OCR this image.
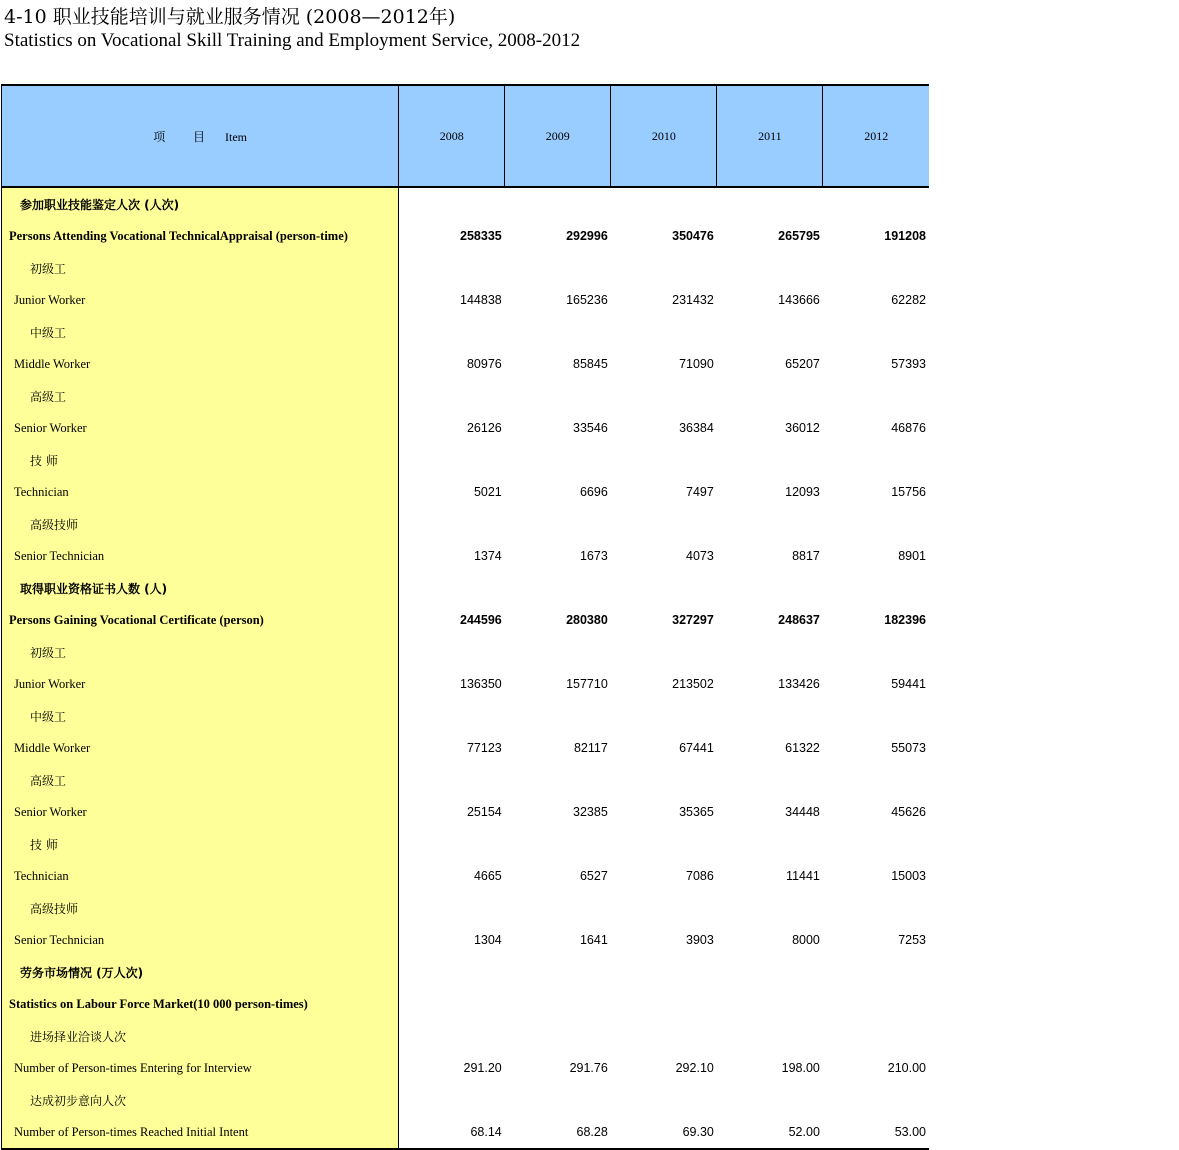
4-10 职业技能培训与就业服务情况 (2008—2012年)
Statistics on Vocational Skill Training and Employment Service, 2008-2012
项 目 Item	2008	2009	2010	2011	2012
参加职业技能鉴定人次 (人次)					
Persons Attending Vocational TechnicalAppraisal (person-time)	258335	292996	350476	265795	191208
初级工					
Junior Worker	144838	165236	231432	143666	62282
中级工					
Middle Worker	80976	85845	71090	65207	57393
高级工					
Senior Worker	26126	33546	36384	36012	46876
技 师					
Technician	5021	6696	7497	12093	15756
高级技师					
Senior Technician	1374	1673	4073	8817	8901
取得职业资格证书人数 (人)					
Persons Gaining Vocational Certificate (person)	244596	280380	327297	248637	182396
初级工					
Junior Worker	136350	157710	213502	133426	59441
中级工					
Middle Worker	77123	82117	67441	61322	55073
高级工					
Senior Worker	25154	32385	35365	34448	45626
技 师					
Technician	4665	6527	7086	11441	15003
高级技师					
Senior Technician	1304	1641	3903	8000	7253
劳务市场情况 (万人次)					
Statistics on Labour Force Market(10 000 person-times)					
进场择业洽谈人次					
Number of Person-times Entering for Interview	291.20	291.76	292.10	198.00	210.00
达成初步意向人次					
Number of Person-times Reached Initial Intent	68.14	68.28	69.30	52.00	53.00
